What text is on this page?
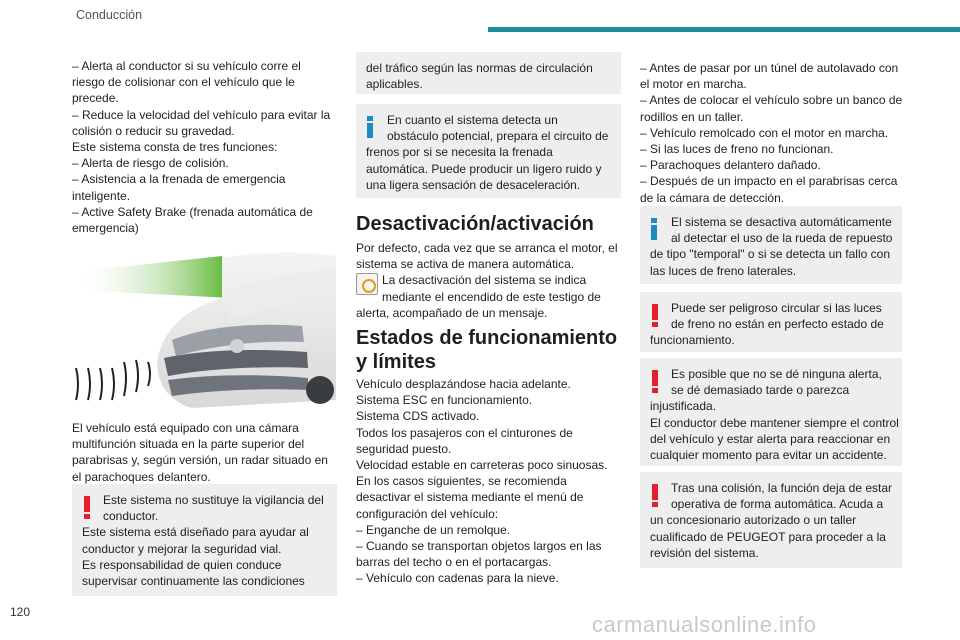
Conducción
– Alerta al conductor si su vehículo corre el
riesgo de colisionar con el vehículo que le
precede.
– Reduce la velocidad del vehículo para evitar la
colisión o reducir su gravedad.
Este sistema consta de tres funciones:
– Alerta de riesgo de colisión.
– Asistencia a la frenada de emergencia
inteligente.
– Active Safety Brake (frenada automática de
emergencia)
El vehículo está equipado con una cámara
multifunción situada en la parte superior del
parabrisas y, según versión, un radar situado en
el parachoques delantero.
Este sistema no sustituye la vigilancia del
conductor.
Este sistema está diseñado para ayudar al
conductor y mejorar la seguridad vial.
Es responsabilidad de quien conduce
supervisar continuamente las condiciones
del tráfico según las normas de circulación
aplicables.
En cuanto el sistema detecta un
obstáculo potencial, prepara el circuito de
frenos por si se necesita la frenada
automática. Puede producir un ligero ruido y
una ligera sensación de desaceleración.
Desactivación/activación
Por defecto, cada vez que se arranca el motor, el
sistema se activa de manera automática.
La desactivación del sistema se indica
mediante el encendido de este testigo de
alerta, acompañado de un mensaje.
Estados de funcionamiento
y límites
Vehículo desplazándose hacia adelante.
Sistema ESC en funcionamiento.
Sistema CDS activado.
Todos los pasajeros con el cinturones de
seguridad puesto.
Velocidad estable en carreteras poco sinuosas.
En los casos siguientes, se recomienda
desactivar el sistema mediante el menú de
configuración del vehículo:
– Enganche de un remolque.
– Cuando se transportan objetos largos en las
barras del techo o en el portacargas.
– Vehículo con cadenas para la nieve.
– Antes de pasar por un túnel de autolavado con
el motor en marcha.
– Antes de colocar el vehículo sobre un banco de
rodillos en un taller.
– Vehículo remolcado con el motor en marcha.
– Si las luces de freno no funcionan.
– Parachoques delantero dañado.
– Después de un impacto en el parabrisas cerca
de la cámara de detección.
El sistema se desactiva automáticamente
al detectar el uso de la rueda de repuesto
de tipo "temporal" o si se detecta un fallo con
las luces de freno laterales.
Puede ser peligroso circular si las luces
de freno no están en perfecto estado de
funcionamiento.
Es posible que no se dé ninguna alerta,
se dé demasiado tarde o parezca
injustificada.
El conductor debe mantener siempre el control
del vehículo y estar alerta para reaccionar en
cualquier momento para evitar un accidente.
Tras una colisión, la función deja de estar
operativa de forma automática. Acuda a
un concesionario autorizado o un taller
cualificado de PEUGEOT para proceder a la
revisión del sistema.
120	carmanualsonline.info
